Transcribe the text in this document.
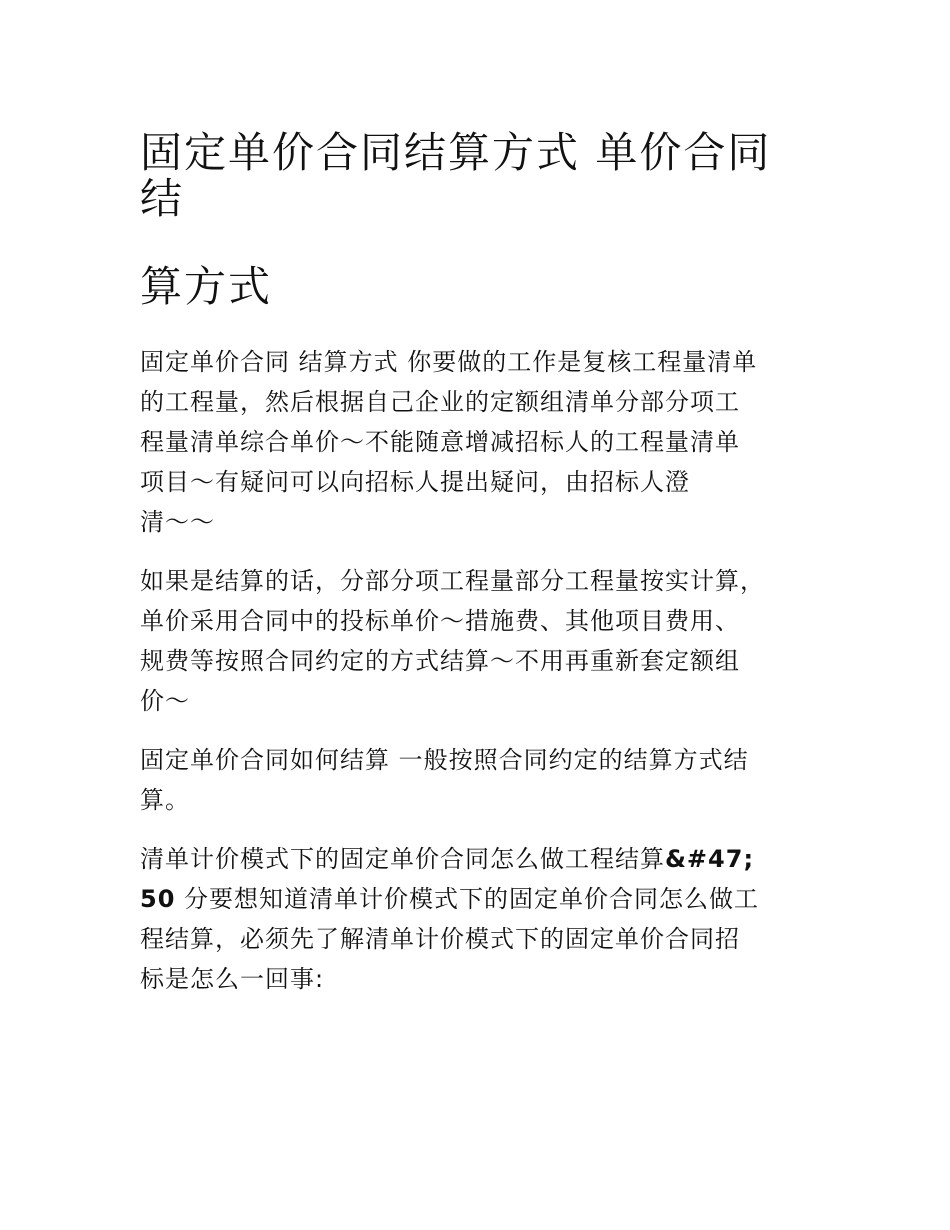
固定单价合同结算方式 单价合同
结
算方式

固定单价合同 结算方式 你要做的工作是复核工程量清单
的工程量，然后根据自己企业的定额组清单分部分项工
程量清单综合单价～不能随意增减招标人的工程量清单
项目～有疑问可以向招标人提出疑问，由招标人澄
清～～

如果是结算的话，分部分项工程量部分工程量按实计算，
单价采用合同中的投标单价～措施费、其他项目费用、
规费等按照合同约定的方式结算～不用再重新套定额组
价～

固定单价合同如何结算 一般按照合同约定的结算方式结
算。

清单计价模式下的固定单价合同怎么做工程结算&#47;
50 分要想知道清单计价模式下的固定单价合同怎么做工
程结算，必须先了解清单计价模式下的固定单价合同招
标是怎么一回事:
